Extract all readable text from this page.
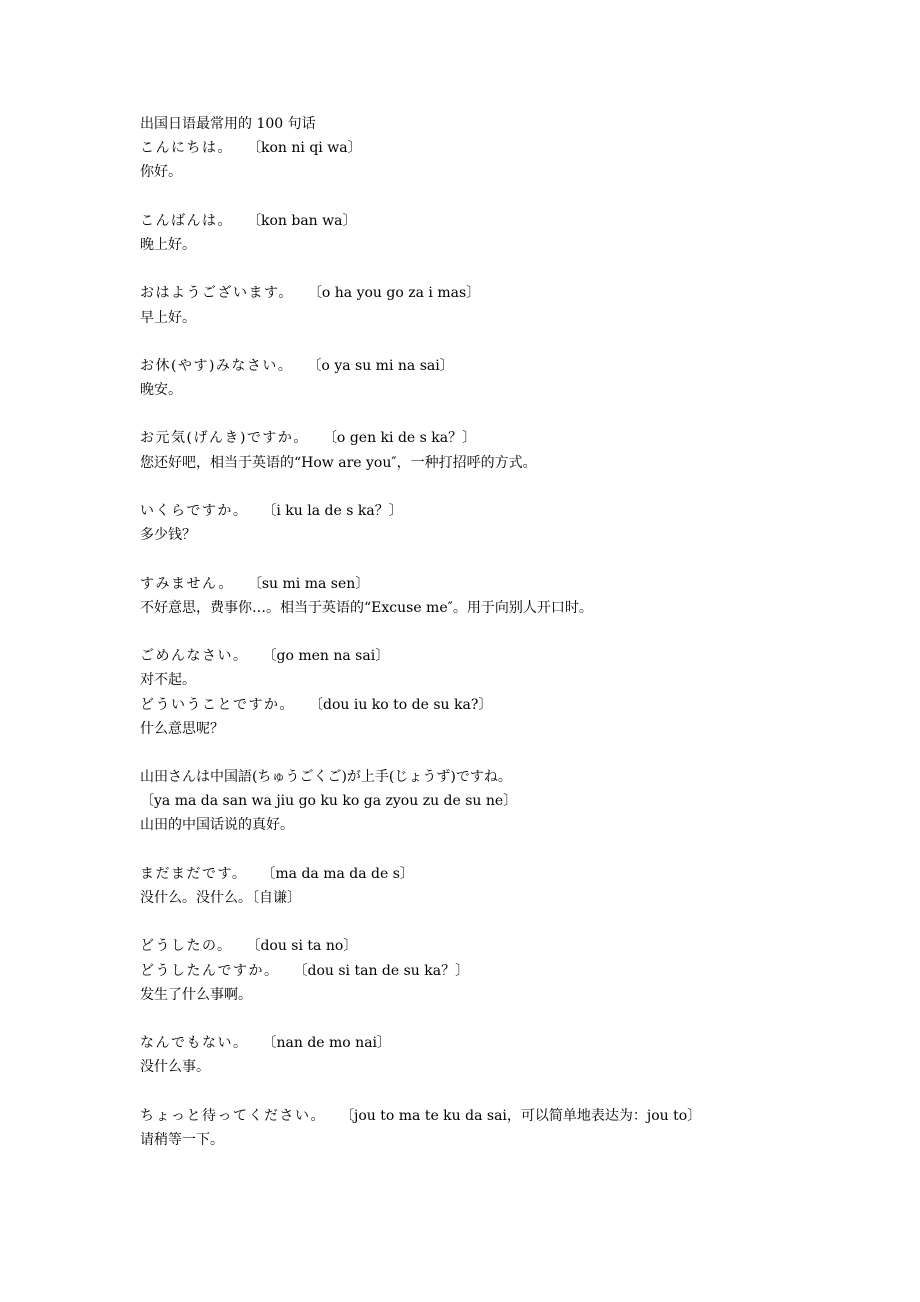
出国日语最常用的 100 句话
こんにちは。 〔kon ni qi wa〕
你好。
こんばんは。 〔kon ban wa〕
晚上好。
おはようございます。 〔o ha you go za i mas〕
早上好。
お休(やす)みなさい。 〔o ya su mi na sai〕
晚安。
お元気(げんき)ですか。 〔o gen ki de s ka？〕
您还好吧，相当于英语的“How are you″，一种打招呼的方式。
いくらですか。 〔i ku la de s ka？〕
多少钱？
すみません。 〔su mi ma sen〕
不好意思，费事你…。相当于英语的“Excuse me″。用于向别人开口时。
ごめんなさい。 〔go men na sai〕
对不起。
どういうことですか。 〔dou iu ko to de su ka?〕
什么意思呢？
山田さんは中国語(ちゅうごくご)が上手(じょうず)ですね。
〔ya ma da san wa jiu go ku ko ga zyou zu de su ne〕
山田的中国话说的真好。
まだまだです。 〔ma da ma da de s〕
没什么。没什么。〔自谦〕
どうしたの。 〔dou si ta no〕
どうしたんですか。 〔dou si tan de su ka？〕
发生了什么事啊。
なんでもない。 〔nan de mo nai〕
没什么事。
ちょっと待ってください。 〔jou to ma te ku da sai，可以简单地表达为：jou to〕
请稍等一下。
